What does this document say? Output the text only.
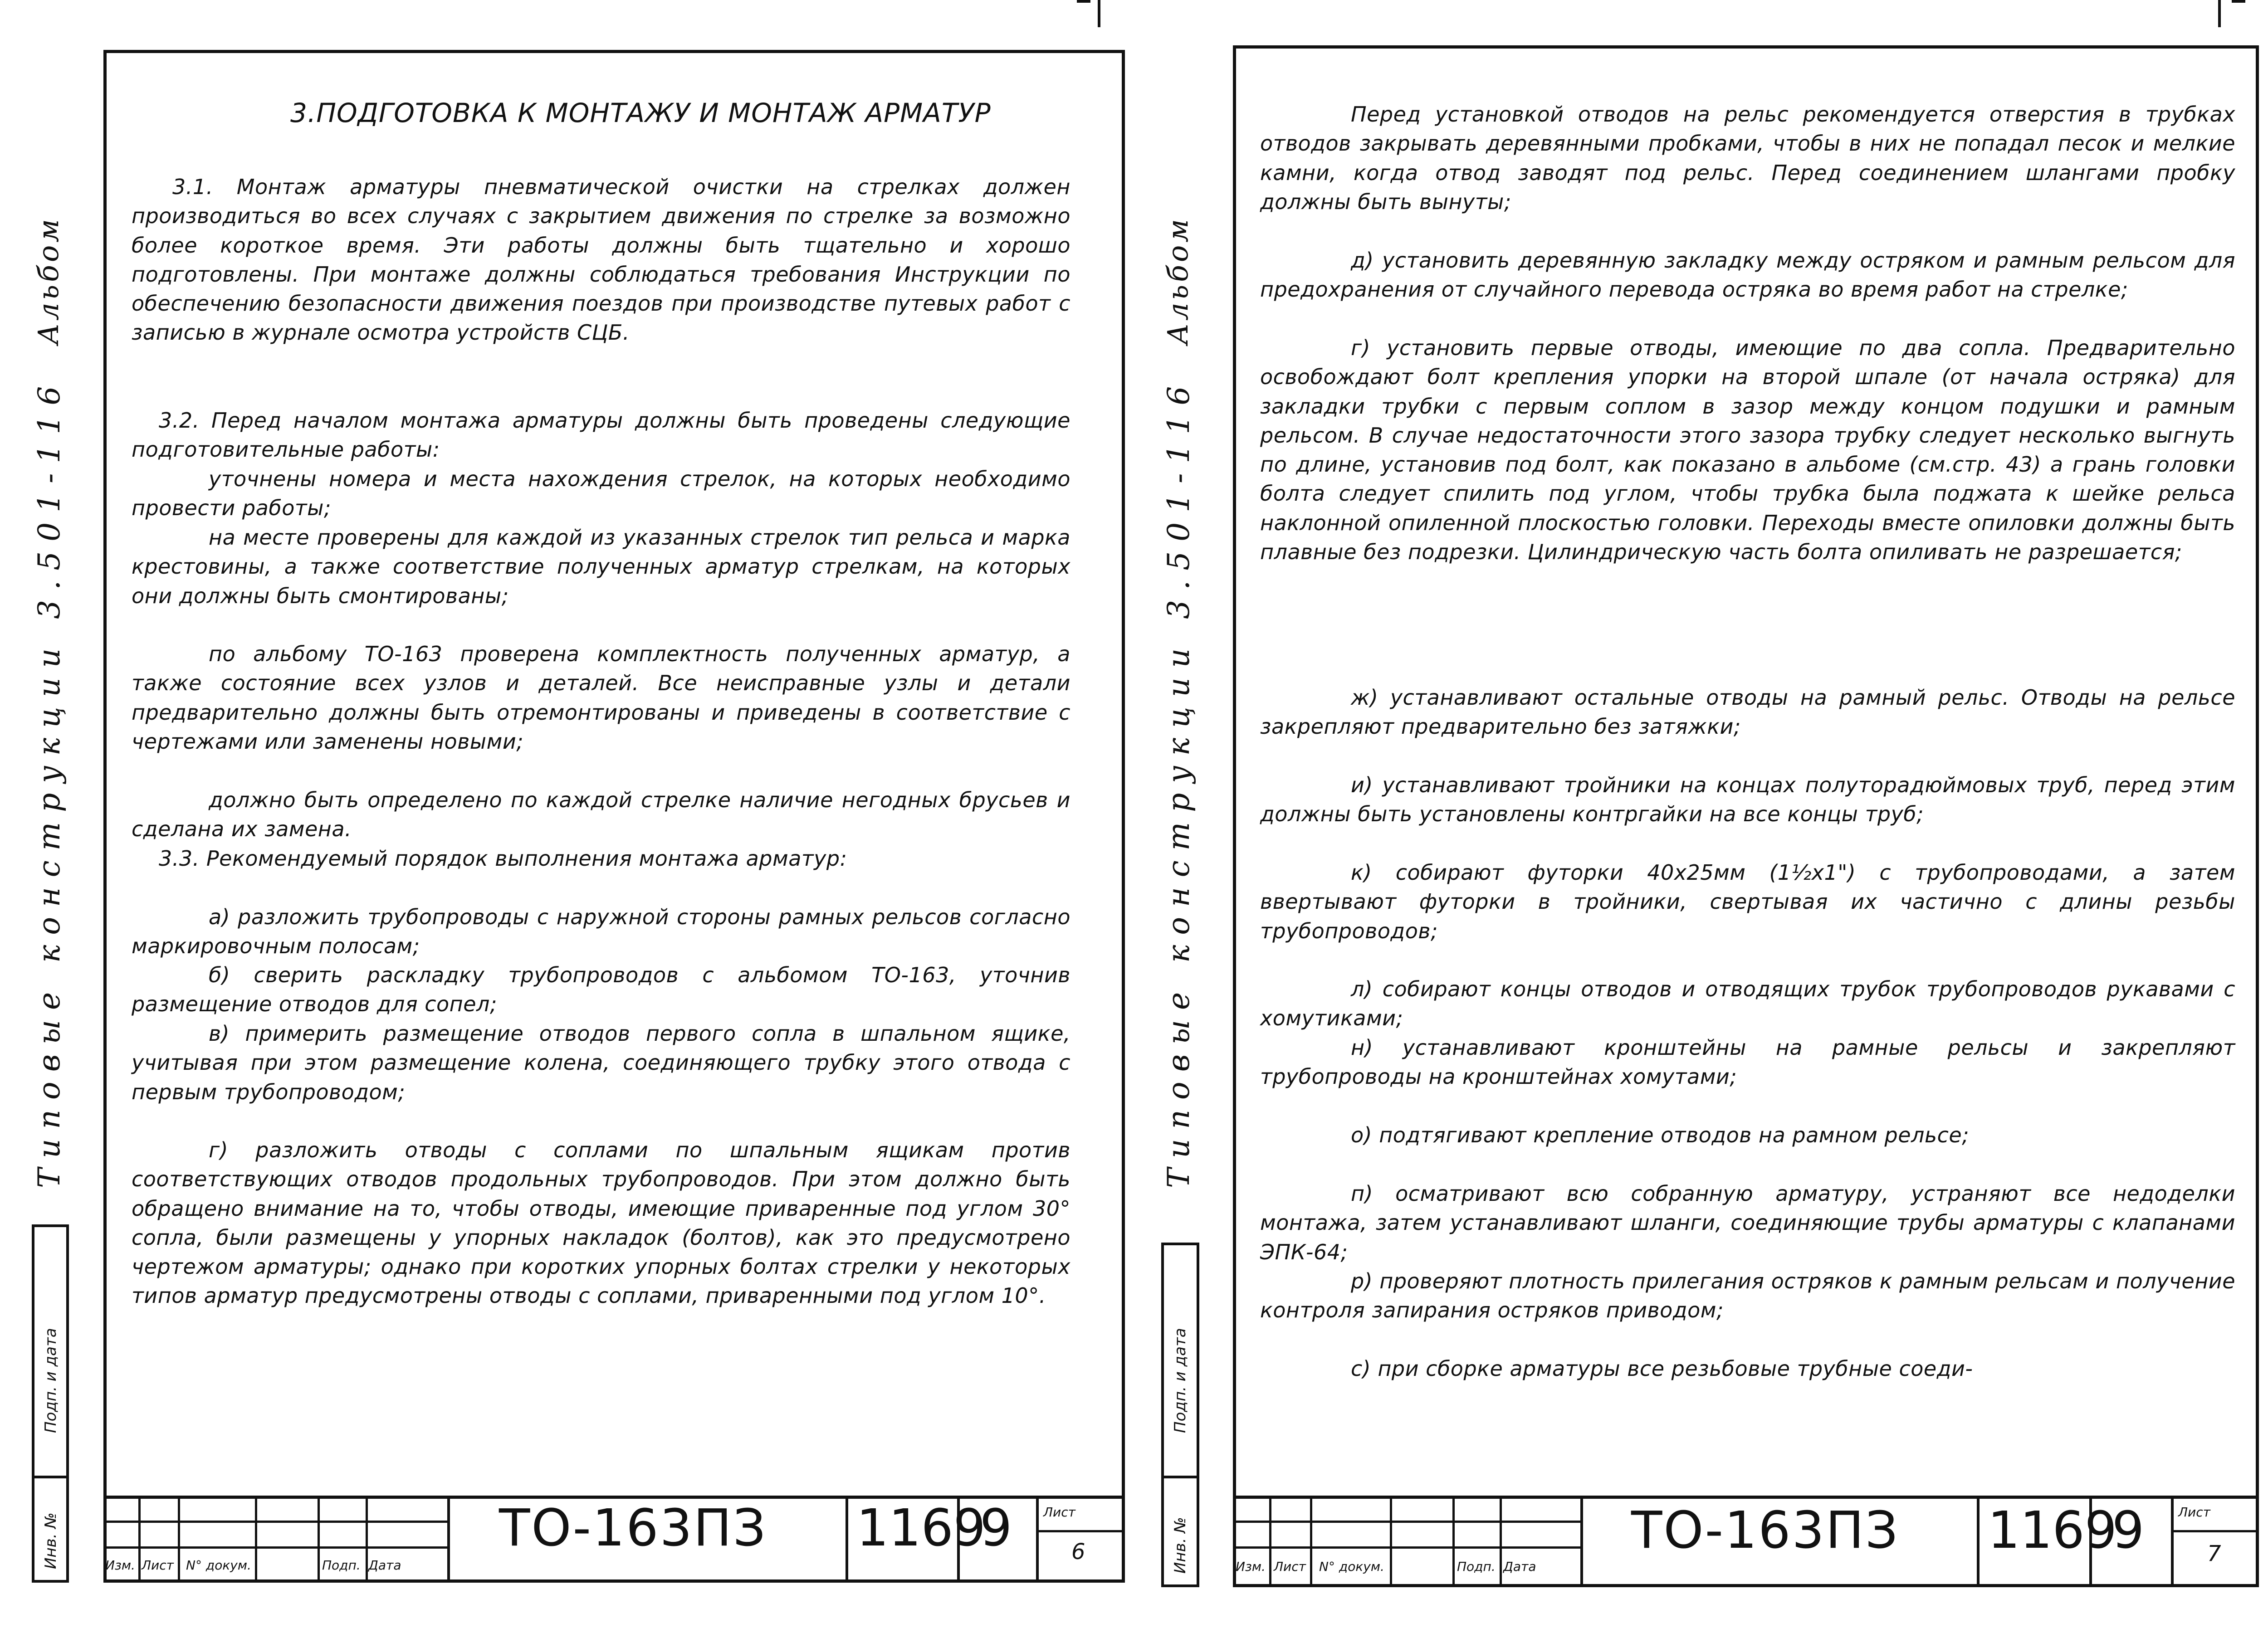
Альбом
Типовые конструкции 3.501-116
Подп. и дата
Инв. №
3.ПОДГОТОВКА К МОНТАЖУ И МОНТАЖ АРМАТУР

3.1. Монтаж арматуры пневматической очистки на стрелках должен производиться во всех случаях с закрытием движения по стрелке за возможно более короткое время. Эти работы должны быть тщательно и хорошо подготовлены. При монтаже должны соблюдаться требования Инструкции по обеспечению безопасности движения поездов при производстве путевых работ с записью в журнале осмотра устройств СЦБ.

3.2. Перед началом монтажа арматуры должны быть проведены следующие подготовительные работы:

уточнены номера и места нахождения стрелок, на которых необходимо провести работы;

на месте проверены для каждой из указанных стрелок тип рельса и марка крестовины, а также соответствие полученных арматур стрелкам, на которых они должны быть смонтированы;

по альбому ТО-163 проверена комплектность полученных арматур, а также состояние всех узлов и деталей. Все неисправные узлы и детали предварительно должны быть отремонтированы и приведены в соответствие с чертежами или заменены новыми;

должно быть определено по каждой стрелке наличие негодных брусьев и сделана их замена.

3.3. Рекомендуемый порядок выполнения монтажа арматур:

а) разложить трубопроводы с наружной стороны рамных рельсов согласно маркировочным полосам;

б) сверить раскладку трубопроводов с альбомом ТО-163, уточнив размещение отводов для сопел;

в) примерить размещение отводов первого сопла в шпальном ящике, учитывая при этом размещение колена, соединяющего трубку этого отвода с первым трубопроводом;

г) разложить отводы с соплами по шпальным ящикам против соответствующих отводов продольных трубопроводов. При этом должно быть обращено внимание на то, чтобы отводы, имеющие приваренные под углом 30° сопла, были размещены у упорных накладок (болтов), как это предусмотрено чертежом арматуры; однако при коротких упорных болтах стрелки у некоторых типов арматур предусмотрены отводы с соплами, приваренными под углом 10°.

Изм. Лист N° докум.	Подп. Дата
ТО-163ПЗ 1169
9 Лист
6
Альбом
Типовые конструкции 3.501-116
Подп. и дата
Инв. №

Перед установкой отводов на рельс рекомендуется отверстия в трубках отводов закрывать деревянными пробками, чтобы в них не попадал песок и мелкие камни, когда отвод заводят под рельс. Перед соединением шлангами пробку должны быть вынуты;

д) установить деревянную закладку между остряком и рамным рельсом для предохранения от случайного перевода остряка во время работ на стрелке;

г) установить первые отводы, имеющие по два сопла. Предварительно освобождают болт крепления упорки на второй шпале (от начала остряка) для закладки трубки с первым соплом в зазор между концом подушки и рамным рельсом. В случае недостаточности этого зазора трубку следует несколько выгнуть по длине, установив под болт, как показано в альбоме (см.стр. 43) а грань головки болта следует спилить под углом, чтобы трубка была поджата к шейке рельса наклонной опиленной плоскостью головки. Переходы вместе опиловки должны быть плавные без подрезки. Цилиндрическую часть болта опиливать не разрешается;

ж) устанавливают остальные отводы на рамный рельс. Отводы на рельсе закрепляют предварительно без затяжки;

и) устанавливают тройники на концах полуторадюймовых труб, перед этим должны быть установлены контргайки на все концы труб;

к) собирают футорки 40x25мм (1½x1") с трубопроводами, а затем ввертывают футорки в тройники, свертывая их частично с длины резьбы трубопроводов;

л) собирают концы отводов и отводящих трубок трубопроводов рукавами с хомутиками;

н) устанавливают кронштейны на рамные рельсы и закрепляют трубопроводы на кронштейнах хомутами;

о) подтягивают крепление отводов на рамном рельсе;

п) осматривают всю собранную арматуру, устраняют все недоделки монтажа, затем устанавливают шланги, соединяющие трубы арматуры с клапанами ЭПК-64;

р) проверяют плотность прилегания остряков к рамным рельсам и получение контроля запирания остряков приводом;

с) при сборке арматуры все резьбовые трубные соеди-

Изм. Лист N° докум.	Подп. Дата
ТО-163ПЗ 1169
9	Лист
7
